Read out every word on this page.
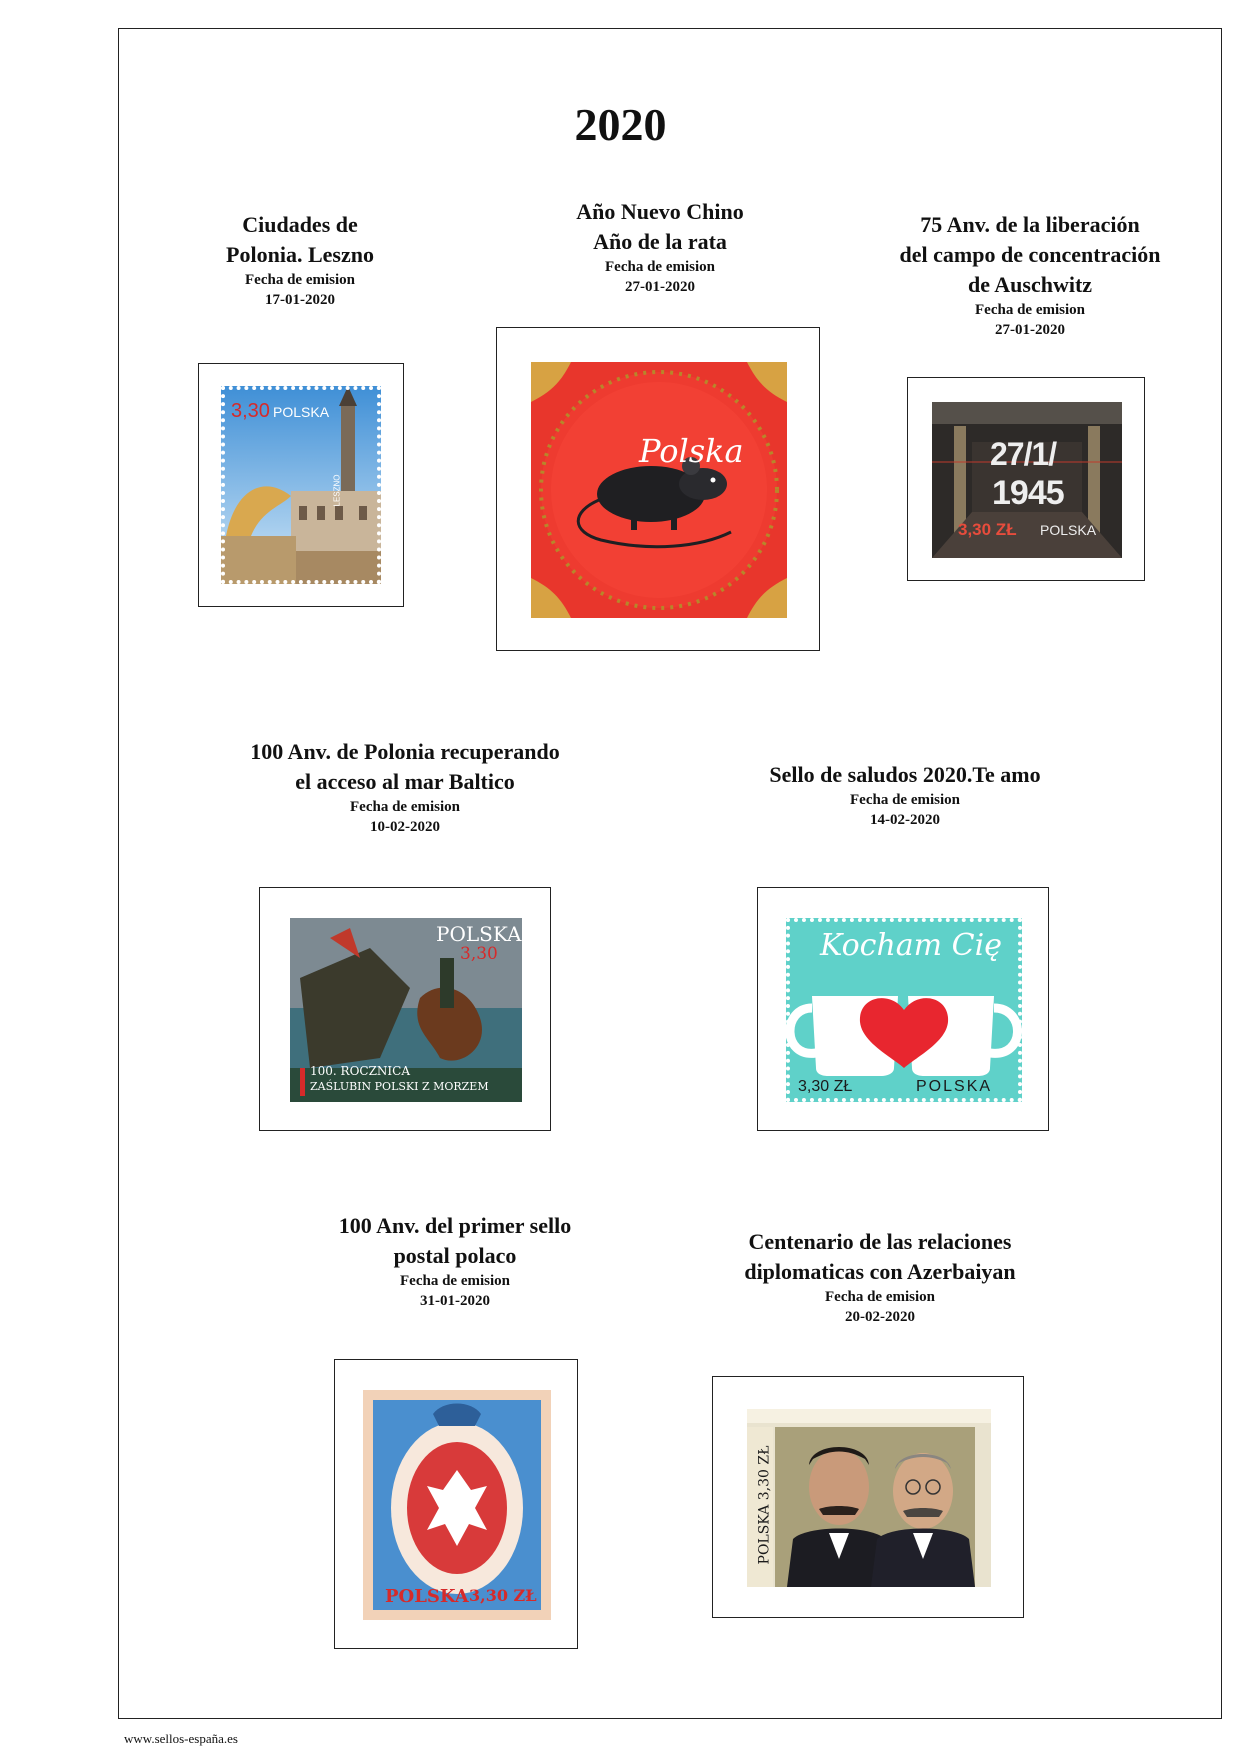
2020
Ciudades de
Polonia. Leszno
Fecha de emision
17-01-2020
3,30 POLSKA
LESZNO
Año Nuevo Chino
Año de la rata
Fecha de emision
27-01-2020
Polska
75 Anv. de la liberación
del campo de concentración
de Auschwitz
Fecha de emision
27-01-2020
27/1/
1945
3,30 ZŁ POLSKA
100 Anv. de Polonia recuperando
el acceso al mar Baltico
Fecha de emision
10-02-2020
POLSKA
3,30
100. ROCZNICA
ZAŚLUBIN POLSKI Z MORZEM
Sello de saludos 2020.Te amo
Fecha de emision
14-02-2020
Kocham Cię
3,30 ZŁ	POLSKA
100 Anv. del primer sello
postal polaco
Fecha de emision
31-01-2020
POLSKA 3,30 ZŁ
Centenario de las relaciones
diplomaticas con Azerbaiyan
Fecha de emision
20-02-2020
POLSKA 3,30 ZŁ
www.sellos-españa.es
